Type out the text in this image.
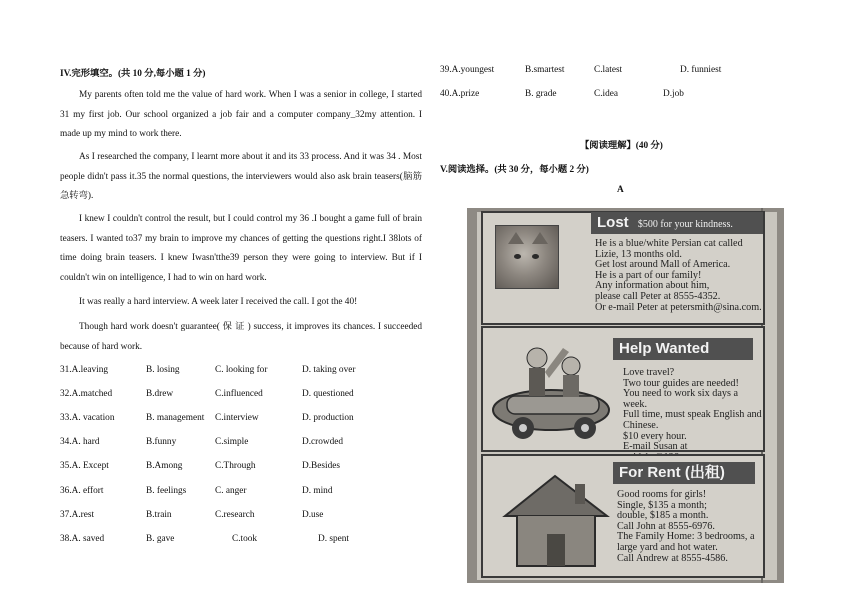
IV.完形填空。(共 10 分,每小题 1 分)
My parents often told me the value of hard work. When I was a senior in college, I started 31 my first job. Our school organized a job fair and a computer company_32my attention. I made up my mind to work there.
As I researched the company, I learnt more about it and its 33 process. And it was 34 . Most people didn't pass it.35 the normal questions, the interviewers would also ask brain teasers(脑筋急转弯).
I knew I couldn't control the result, but I could control my 36 .I bought a game full of brain teasers. I wanted to37 my brain to improve my chances of getting the questions right.I 38lots of time doing brain teasers. I knew Iwasn'tthe39 person they were going to interview. But if I couldn't win on intelligence, I had to win on hard work.
It was really a hard interview. A week later I received the call. I got the 40!
Though hard work doesn't guarantee( 保 证 ) success, it improves its chances. I succeeded because of hard work.
31.A.leaving	B. losing	C. looking for	D. taking over
32.A.matched	B.drew	C.influenced	D. questioned
33.A. vacation	B. management C.interview	D. production
34.A. hard	B.funny	C.simple	D.crowded
35.A. Except	B.Among	C.Through	D.Besides
36.A. effort	B. feelings	C. anger	D. mind
37.A.rest	B.train	C.research	D.use
38.A. saved	B. gave	C.took	D. spent
39.A.youngest	B.smartest	C.latest	D. funniest
40.A.prize	B. grade	C.idea	D.job
【阅读理解】(40 分)
V.阅读选择。(共 30 分，每小题 2 分)
A
Lost $500 for your kindness.
He is a blue/white Persian cat called
Lizie, 13 months old.
Get lost around Mall of America.
He is a part of our family!
Any information about him,
please call Peter at 8555-4352.
Or e-mail Peter at petersmith@sina.com.
Help Wanted
Love travel?
Two tour guides are needed!
You need to work six days a week.
Full time, must speak English and
Chinese.
$10 every hour.
E-mail Susan at
For Rent (出租)
Good rooms for girls!
Single, $135 a month;
double, $185 a month.
Call John at 8555-6976.
The Family Home: 3 bedrooms, a
large yard and hot water.
Call Andrew at 8555-4586.
